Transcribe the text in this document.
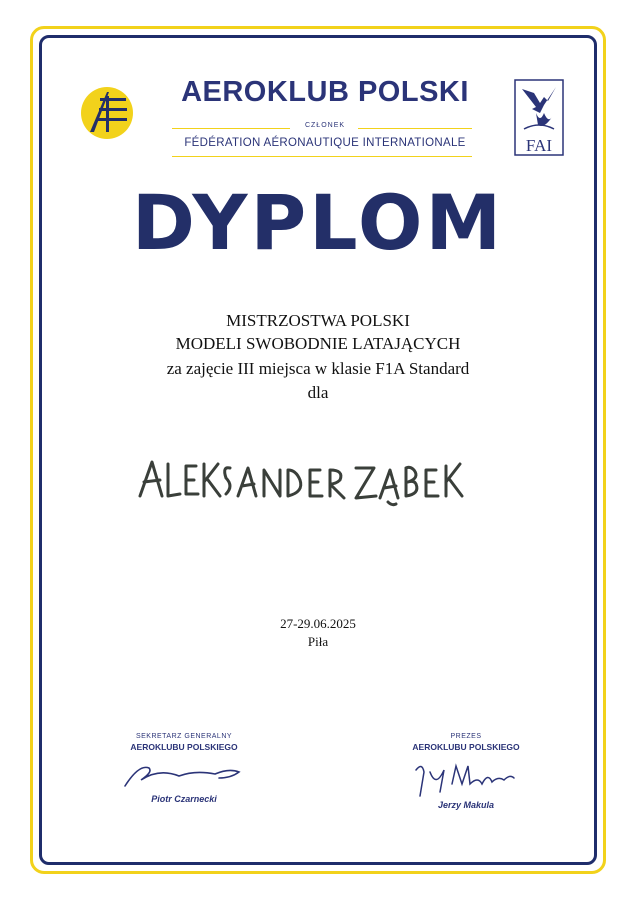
AEROKLUB POLSKI
CZŁONEK
FÉDÉRATION AÉRONAUTIQUE INTERNATIONALE	FAI
DYPLOM
MISTRZOSTWA POLSKI
MODELI SWOBODNIE LATAJĄCYCH
za zajęcie III miejsca w klasie F1A Standard
dla
27-29.06.2025
Piła
SEKRETARZ GENERALNY
AEROKLUBU POLSKIEGO
Piotr Czarnecki
PREZES
AEROKLUBU POLSKIEGO
Jerzy Makula
